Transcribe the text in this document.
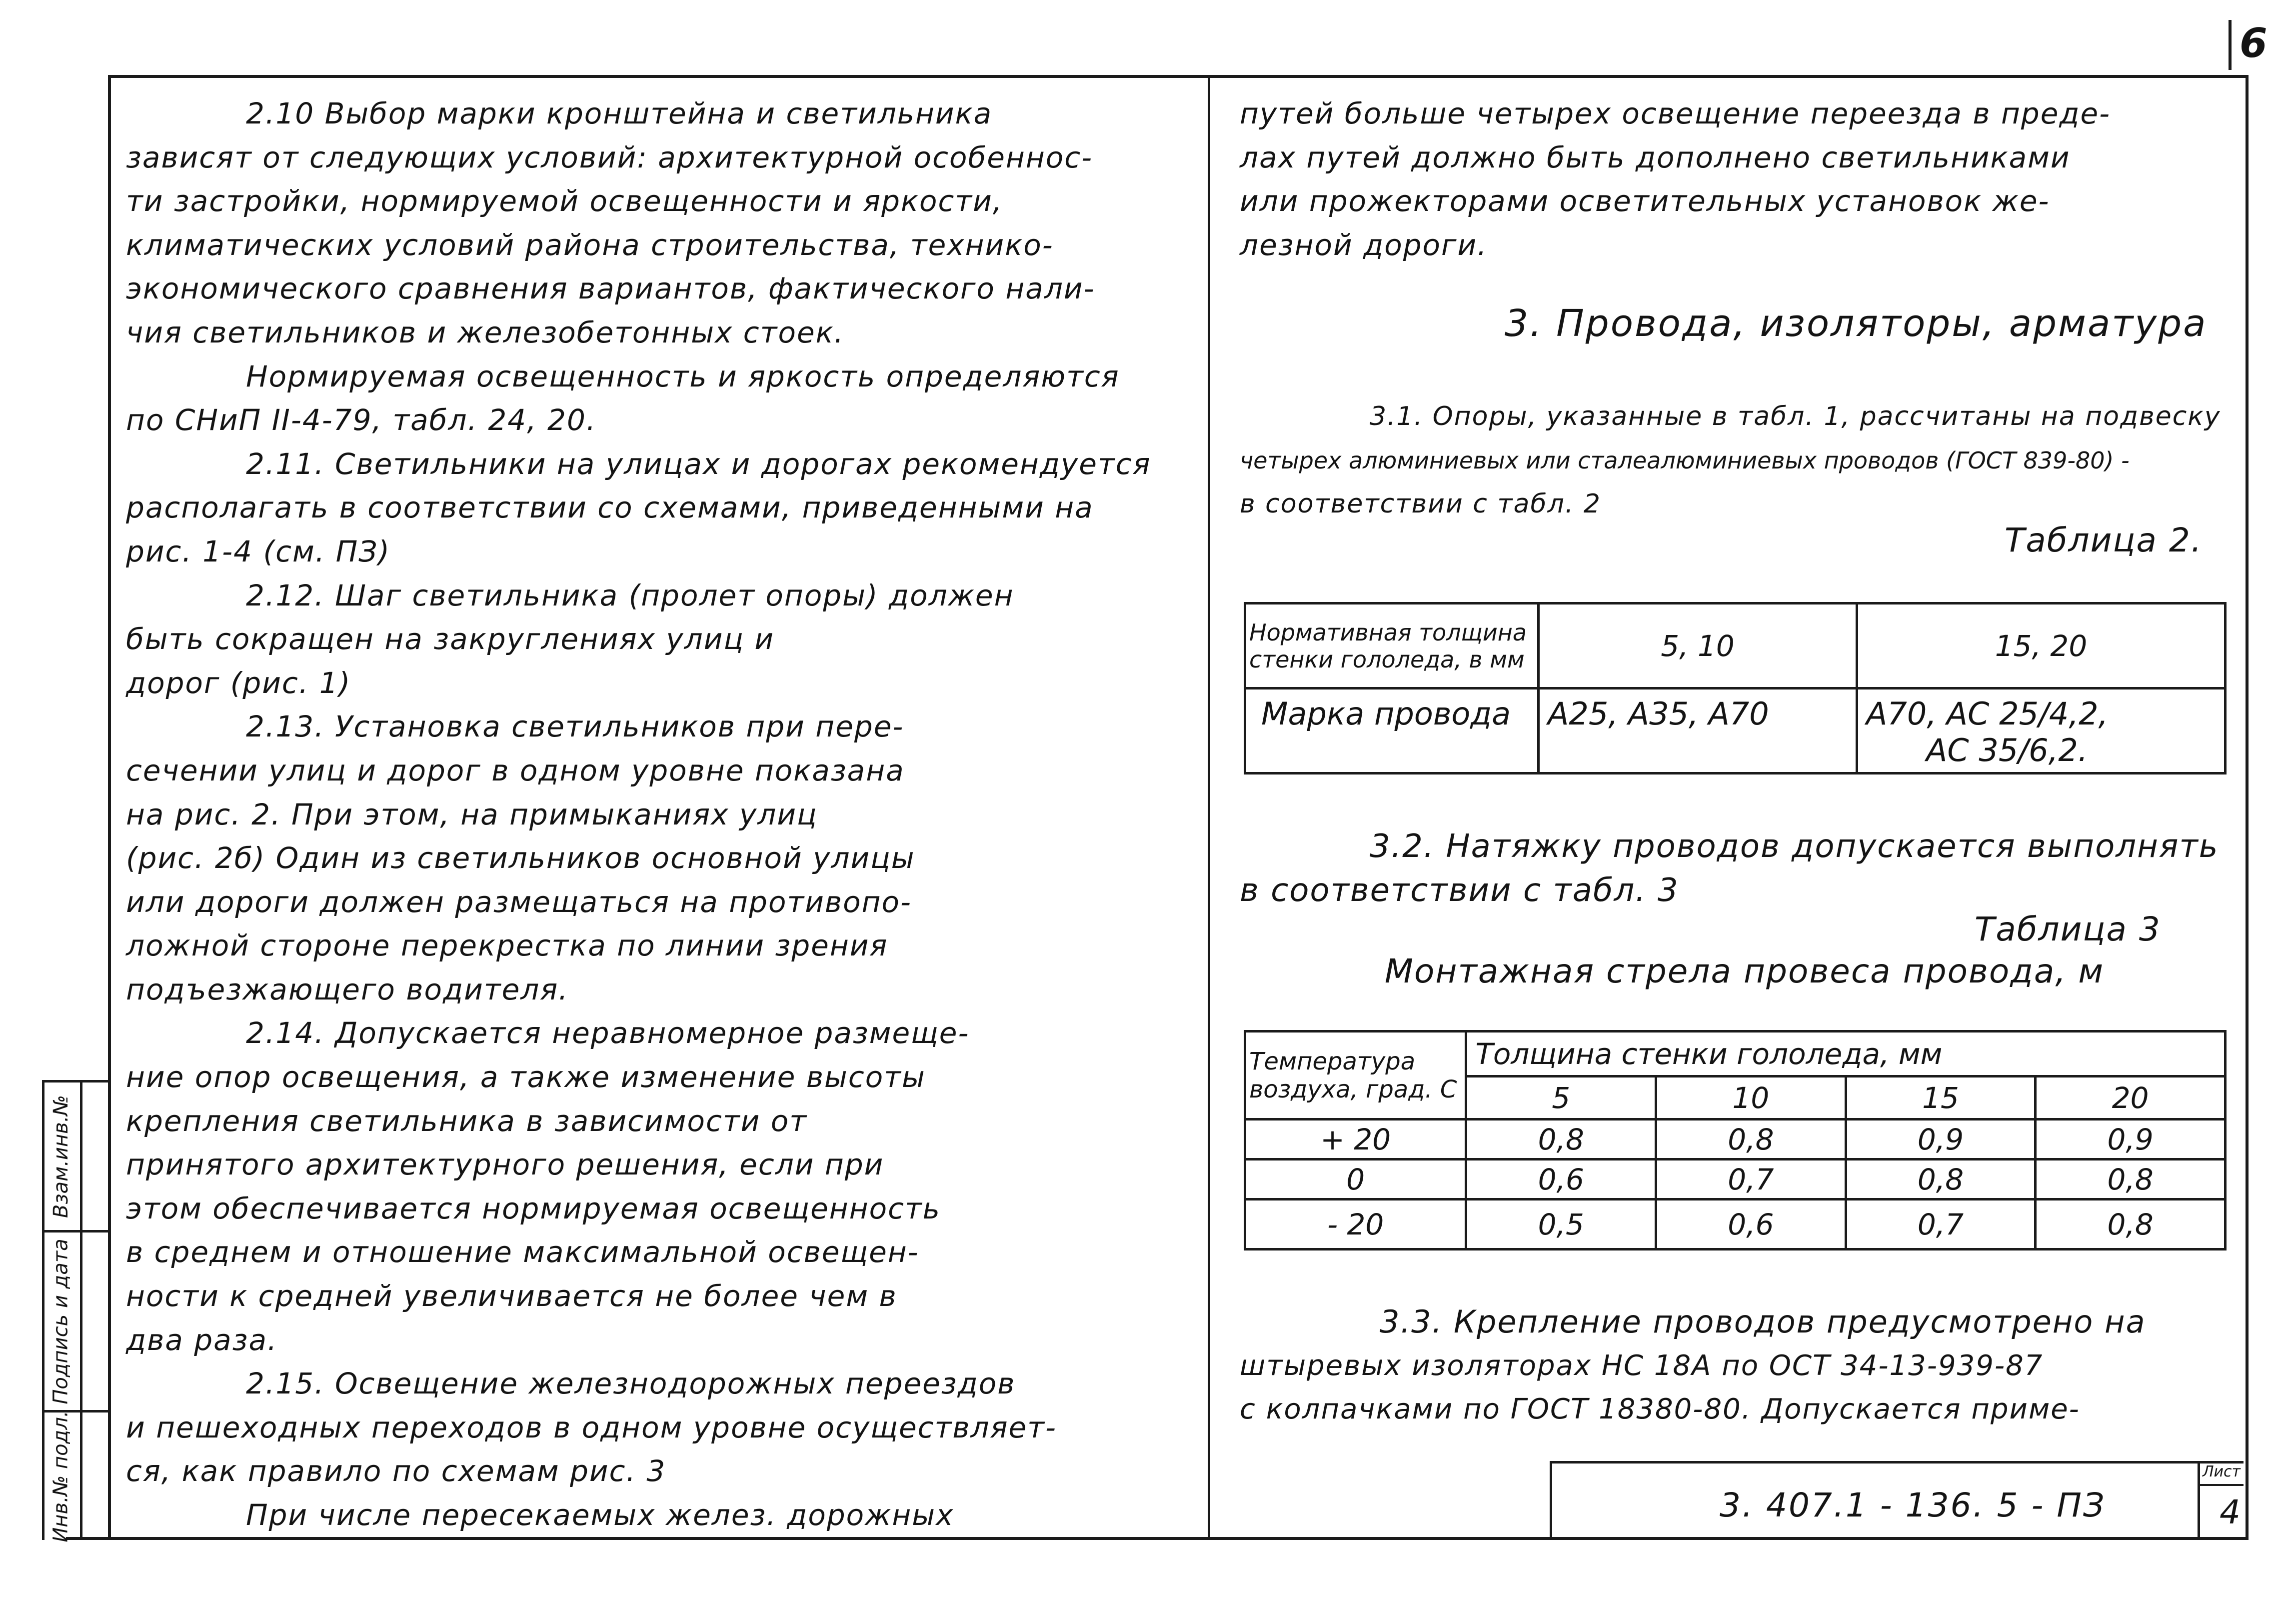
6

2.10 Выбор марки кронштейна и светильника

зависят от следующих условий: архитектурной особеннос-

ти застройки, нормируемой освещенности и яркости,

климатических условий района строительства, технико-

экономического сравнения вариантов, фактического нали-

чия светильников и железобетонных стоек.

Нормируемая освещенность и яркость определяются

по СНиП II-4-79, табл. 24, 20.

2.11. Светильники на улицах и дорогах рекомендуется

располагать в соответствии со схемами, приведенными на

рис. 1-4 (см. ПЗ)

2.12. Шаг светильника (пролет опоры) должен

быть сокращен на закруглениях улиц и

дорог (рис. 1)

2.13. Установка светильников при пере-

сечении улиц и дорог в одном уровне показана

на рис. 2. При этом, на примыканиях улиц

(рис. 2б) Один из светильников основной улицы

или дороги должен размещаться на противопо-

ложной стороне перекрестка по линии зрения

подъезжающего водителя.

2.14. Допускается неравномерное размеще-

ние опор освещения, а также изменение высоты

крепления светильника в зависимости от

принятого архитектурного решения, если при

этом обеспечивается нормируемая освещенность

в среднем и отношение максимальной освещен-

ности к средней увеличивается не более чем в

два раза.

2.15. Освещение железнодорожных переездов

и пешеходных переходов в одном уровне осуществляет-

ся, как правило по схемам рис. 3

При числе пересекаемых желез. дорожных

путей больше четырех освещение переезда в преде-

лах путей должно быть дополнено светильниками

или прожекторами осветительных установок же-

лезной дороги.

3. Провода, изоляторы, арматура

3.1. Опоры, указанные в табл. 1, рассчитаны на подвеску

четырех алюминиевых или сталеалюминиевых проводов (ГОСТ 839-80) -

в соответствии с табл. 2

Таблица 2.
Нормативная толщина
стенки гололеда, в мм	5, 10	15, 20
Марка провода	А25, А35, А70	А70, АС 25/4,2,
АС 35/6,2.

3.2. Натяжку проводов допускается выполнять

в соответствии с табл. 3

Таблица 3
Монтажная стрела провеса провода, м
Температура
воздуха, град. С	Толщина стенки гололеда, мм			
	5	10	15	20
+ 20	0,8	0,8	0,9	0,9
0	0,6	0,7	0,8	0,8
- 20	0,5	0,6	0,7	0,8

3.3. Крепление проводов предусмотрено на

штыревых изоляторах НС 18А по ОСТ 34-13-939-87

с колпачками по ГОСТ 18380-80. Допускается приме-

Взам.инв.№
Подпись и дата
Инв.№ подл.	3. 407.1 - 136. 5 - ПЗ
Лист
4
